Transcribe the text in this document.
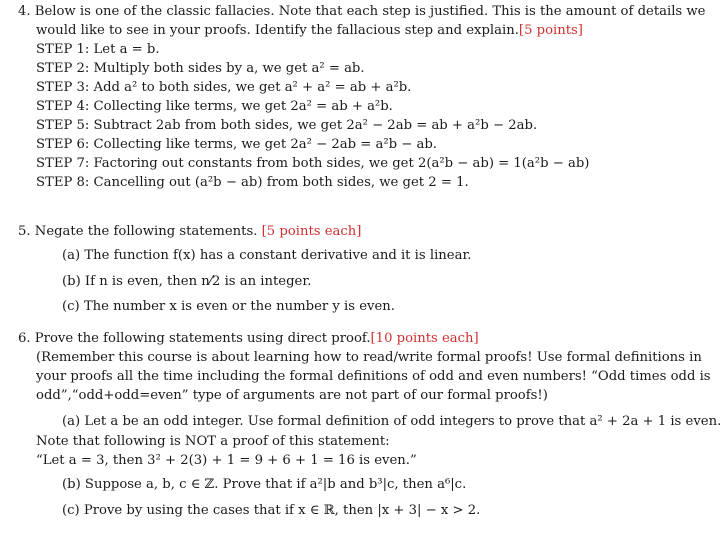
4. Below is one of the classic fallacies. Note that each step is justified. This is the amount of details we
would like to see in your proofs. Identify the fallacious step and explain.[5 points]
STEP 1: Let a = b.
STEP 2: Multiply both sides by a, we get a² = ab.
STEP 3: Add a² to both sides, we get a² + a² = ab + a²b.
STEP 4: Collecting like terms, we get 2a² = ab + a²b.
STEP 5: Subtract 2ab from both sides, we get 2a² − 2ab = ab + a²b − 2ab.
STEP 6: Collecting like terms, we get 2a² − 2ab = a²b − ab.
STEP 7: Factoring out constants from both sides, we get 2(a²b − ab) = 1(a²b − ab)
STEP 8: Cancelling out (a²b − ab) from both sides, we get 2 = 1.
5. Negate the following statements. [5 points each]
(a) The function f(x) has a constant derivative and it is linear.
(b) If n is even, then n⁄2 is an integer.
(c) The number x is even or the number y is even.
6. Prove the following statements using direct proof.[10 points each]
(Remember this course is about learning how to read/write formal proofs! Use formal definitions in
your proofs all the time including the formal definitions of odd and even numbers! “Odd times odd is
odd”,“odd+odd=even” type of arguments are not part of our formal proofs!)
(a) Let a be an odd integer. Use formal definition of odd integers to prove that a² + 2a + 1 is even.
Note that following is NOT a proof of this statement:
“Let a = 3, then 3² + 2(3) + 1 = 9 + 6 + 1 = 16 is even.”
(b) Suppose a, b, c ∈ ℤ. Prove that if a²|b and b³|c, then a⁶|c.
(c) Prove by using the cases that if x ∈ ℝ, then |x + 3| − x > 2.
